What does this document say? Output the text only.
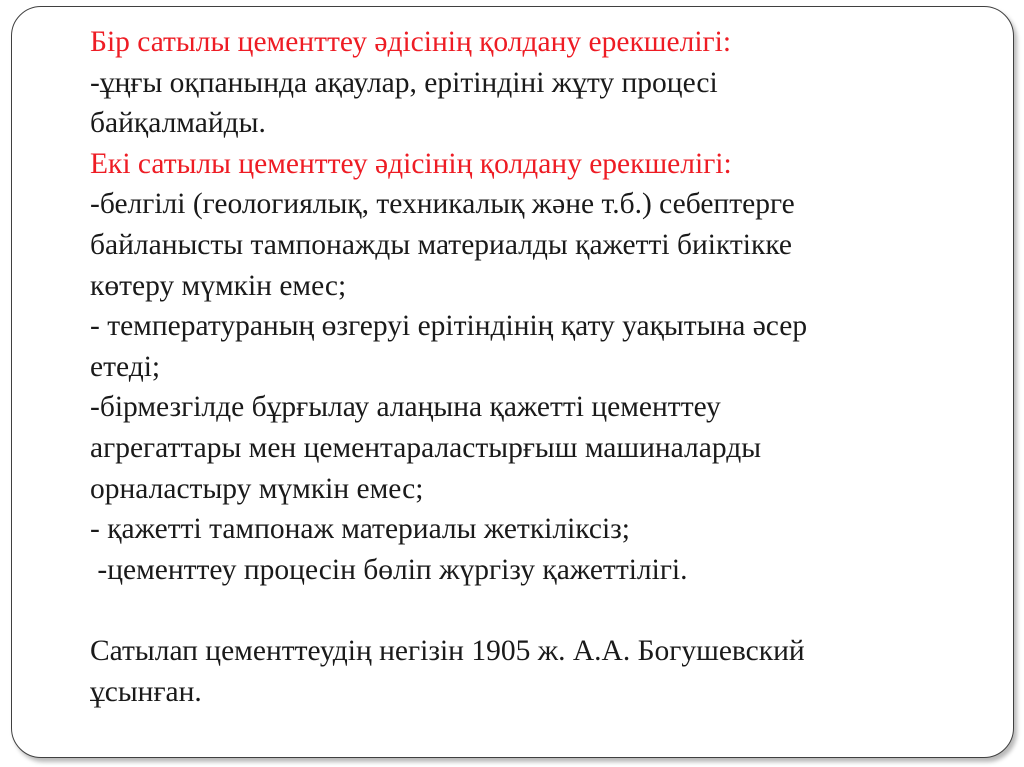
Бір сатылы цементтеу әдісінің қолдану ерекшелігі:
-ұңғы оқпанында ақаулар, ерітіндіні жұту процесі
байқалмайды.
Екі сатылы цементтеу әдісінің қолдану ерекшелігі:
-белгілі (геологиялық, техникалық және т.б.) себептерге
байланысты тампонажды материалды қажетті биіктікке
көтеру мүмкін емес;
- температураның өзгеруі ерітіндінің қату уақытына әсер
етеді;
-бірмезгілде бұрғылау алаңына қажетті цементтеу
агрегаттары мен цементараластырғыш машиналарды
орналастыру мүмкін емес;
- қажетті тампонаж материалы жеткіліксіз;
-цементтеу процесін бөліп жүргізу қажеттілігі.
Сатылап цементтеудің негізін 1905 ж. А.А. Богушевский
ұсынған.
